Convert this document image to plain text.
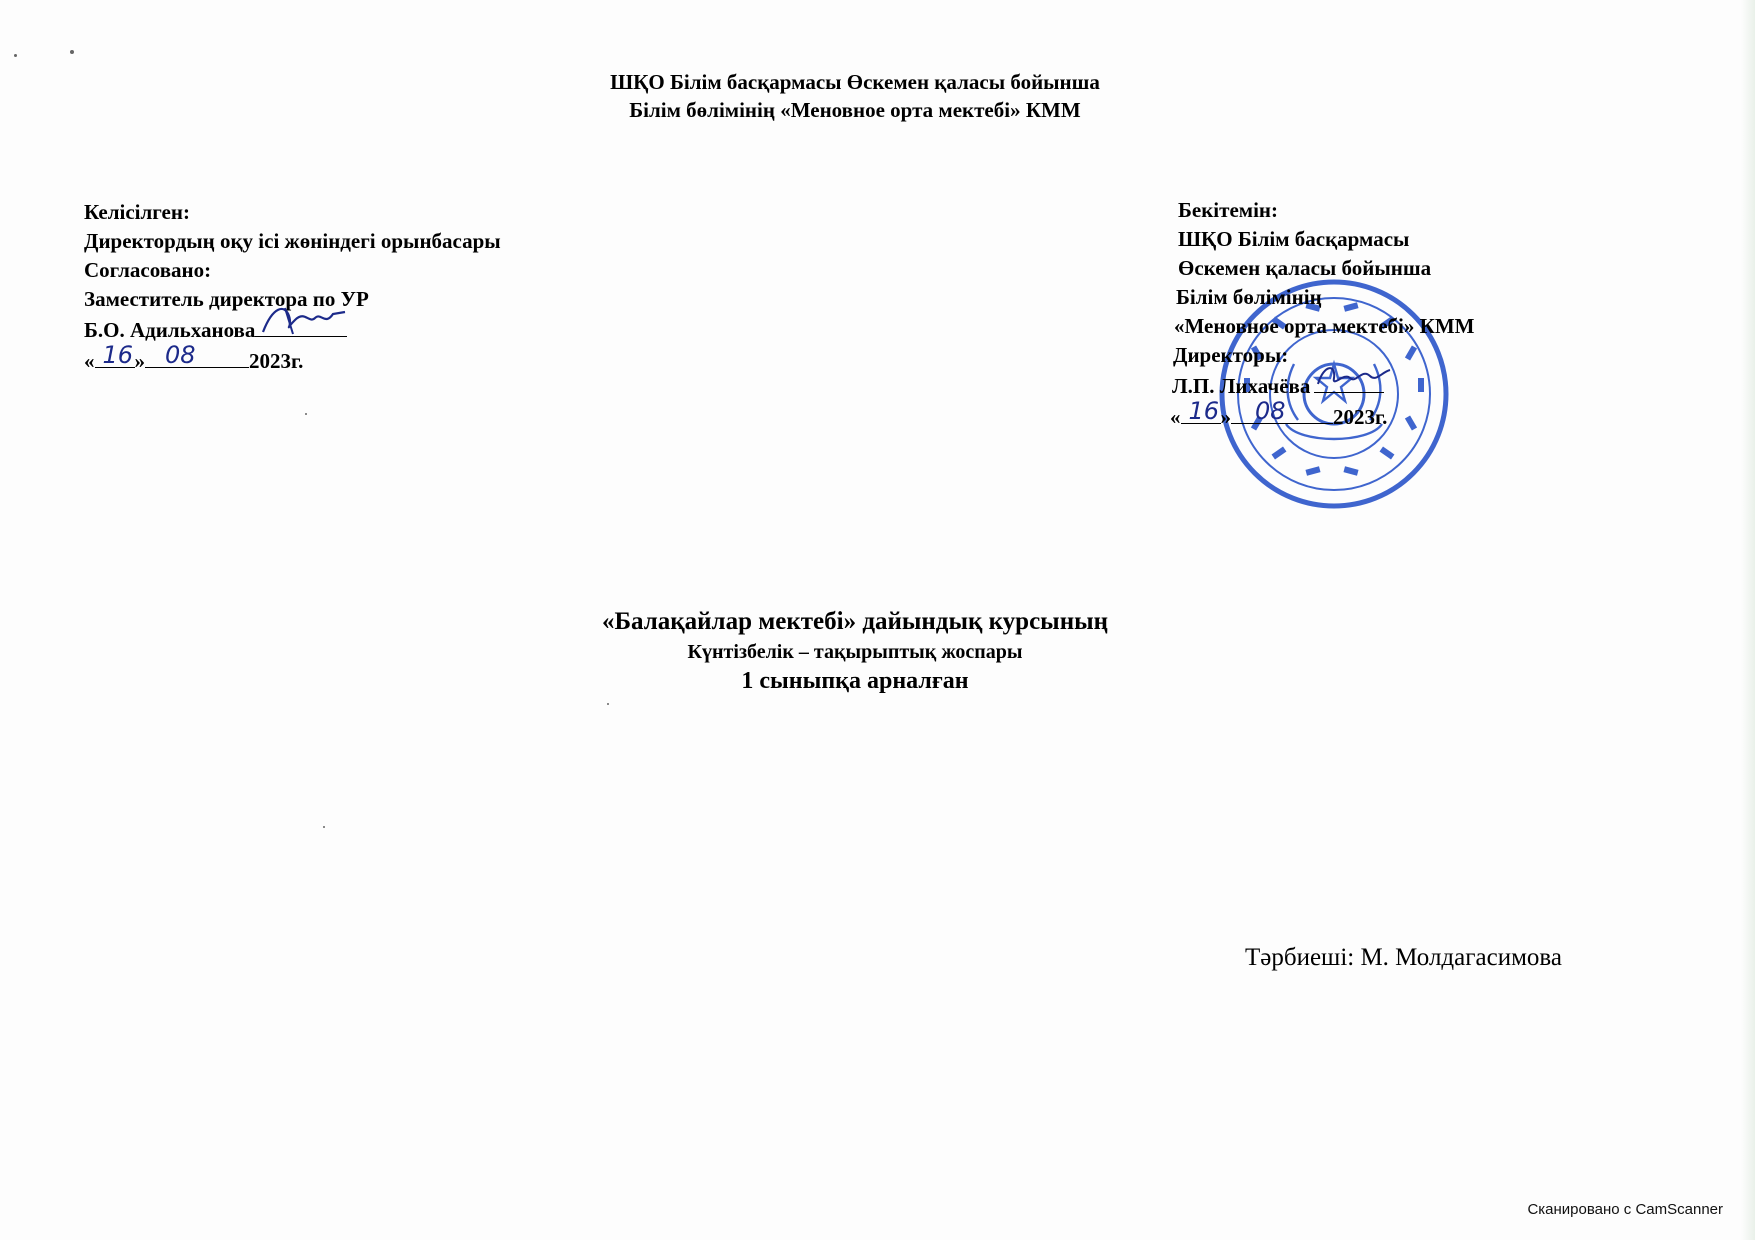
ШҚО Білім басқармасы Өскемен қаласы бойынша
Білім бөлімінің «Меновное орта мектебі» КММ
Келісілген:
Директордың оқу ісі жөніндегі орынбасары
Согласовано:
Заместитель директора по УР
Б.О. Адильханова
« 16 » 08	2023г.
Бекітемін:
ШҚО Білім басқармасы
Өскемен қаласы бойынша
Білім бөлімінің
«Меновное орта мектебі» КММ
Директоры:
Л.П. Лихачёва
« 16 » 08 2023г.
«Балақайлар мектебі» дайындық курсының
Күнтізбелік – тақырыптық жоспары
1 сыныпқа арналған
Тәрбиеші: М. Молдагасимова
Сканировано с CamScanner
